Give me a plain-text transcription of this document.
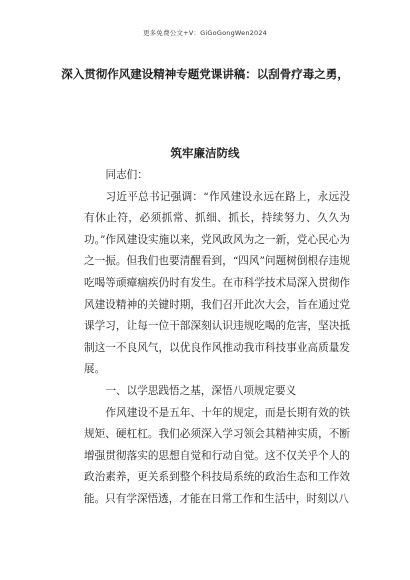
更多免费公文+V：GiGoGongWen2024
深入贯彻作风建设精神专题党课讲稿：以刮骨疗毒之勇，
筑牢廉洁防线

同志们：

习近平总书记强调：“作风建设永远在路上，永远没有休止符，必须抓常、抓细、抓长，持续努力、久久为功。”作风建设实施以来，党风政风为之一新，党心民心为之一振。但我们也要清醒看到，“四风”问题树倒根存违规吃喝等顽瘴痼疾仍时有发生。在市科学技术局深入贯彻作风建设精神的关键时期，我们召开此次大会，旨在通过党课学习，让每一位干部深刻认识违规吃喝的危害，坚决抵制这一不良风气，以优良作风推动我市科技事业高质量发展。

一、以学思践悟之基，深悟八项规定要义

作风建设不是五年、十年的规定，而是长期有效的铁规矩、硬杠杠。我们必须深入学习领会其精神实质，不断增强贯彻落实的思想自觉和行动自觉。这不仅关乎个人的政治素养，更关系到整个科技局系统的政治生态和工作效能。只有学深悟透，才能在日常工作和生活中，时刻以八
